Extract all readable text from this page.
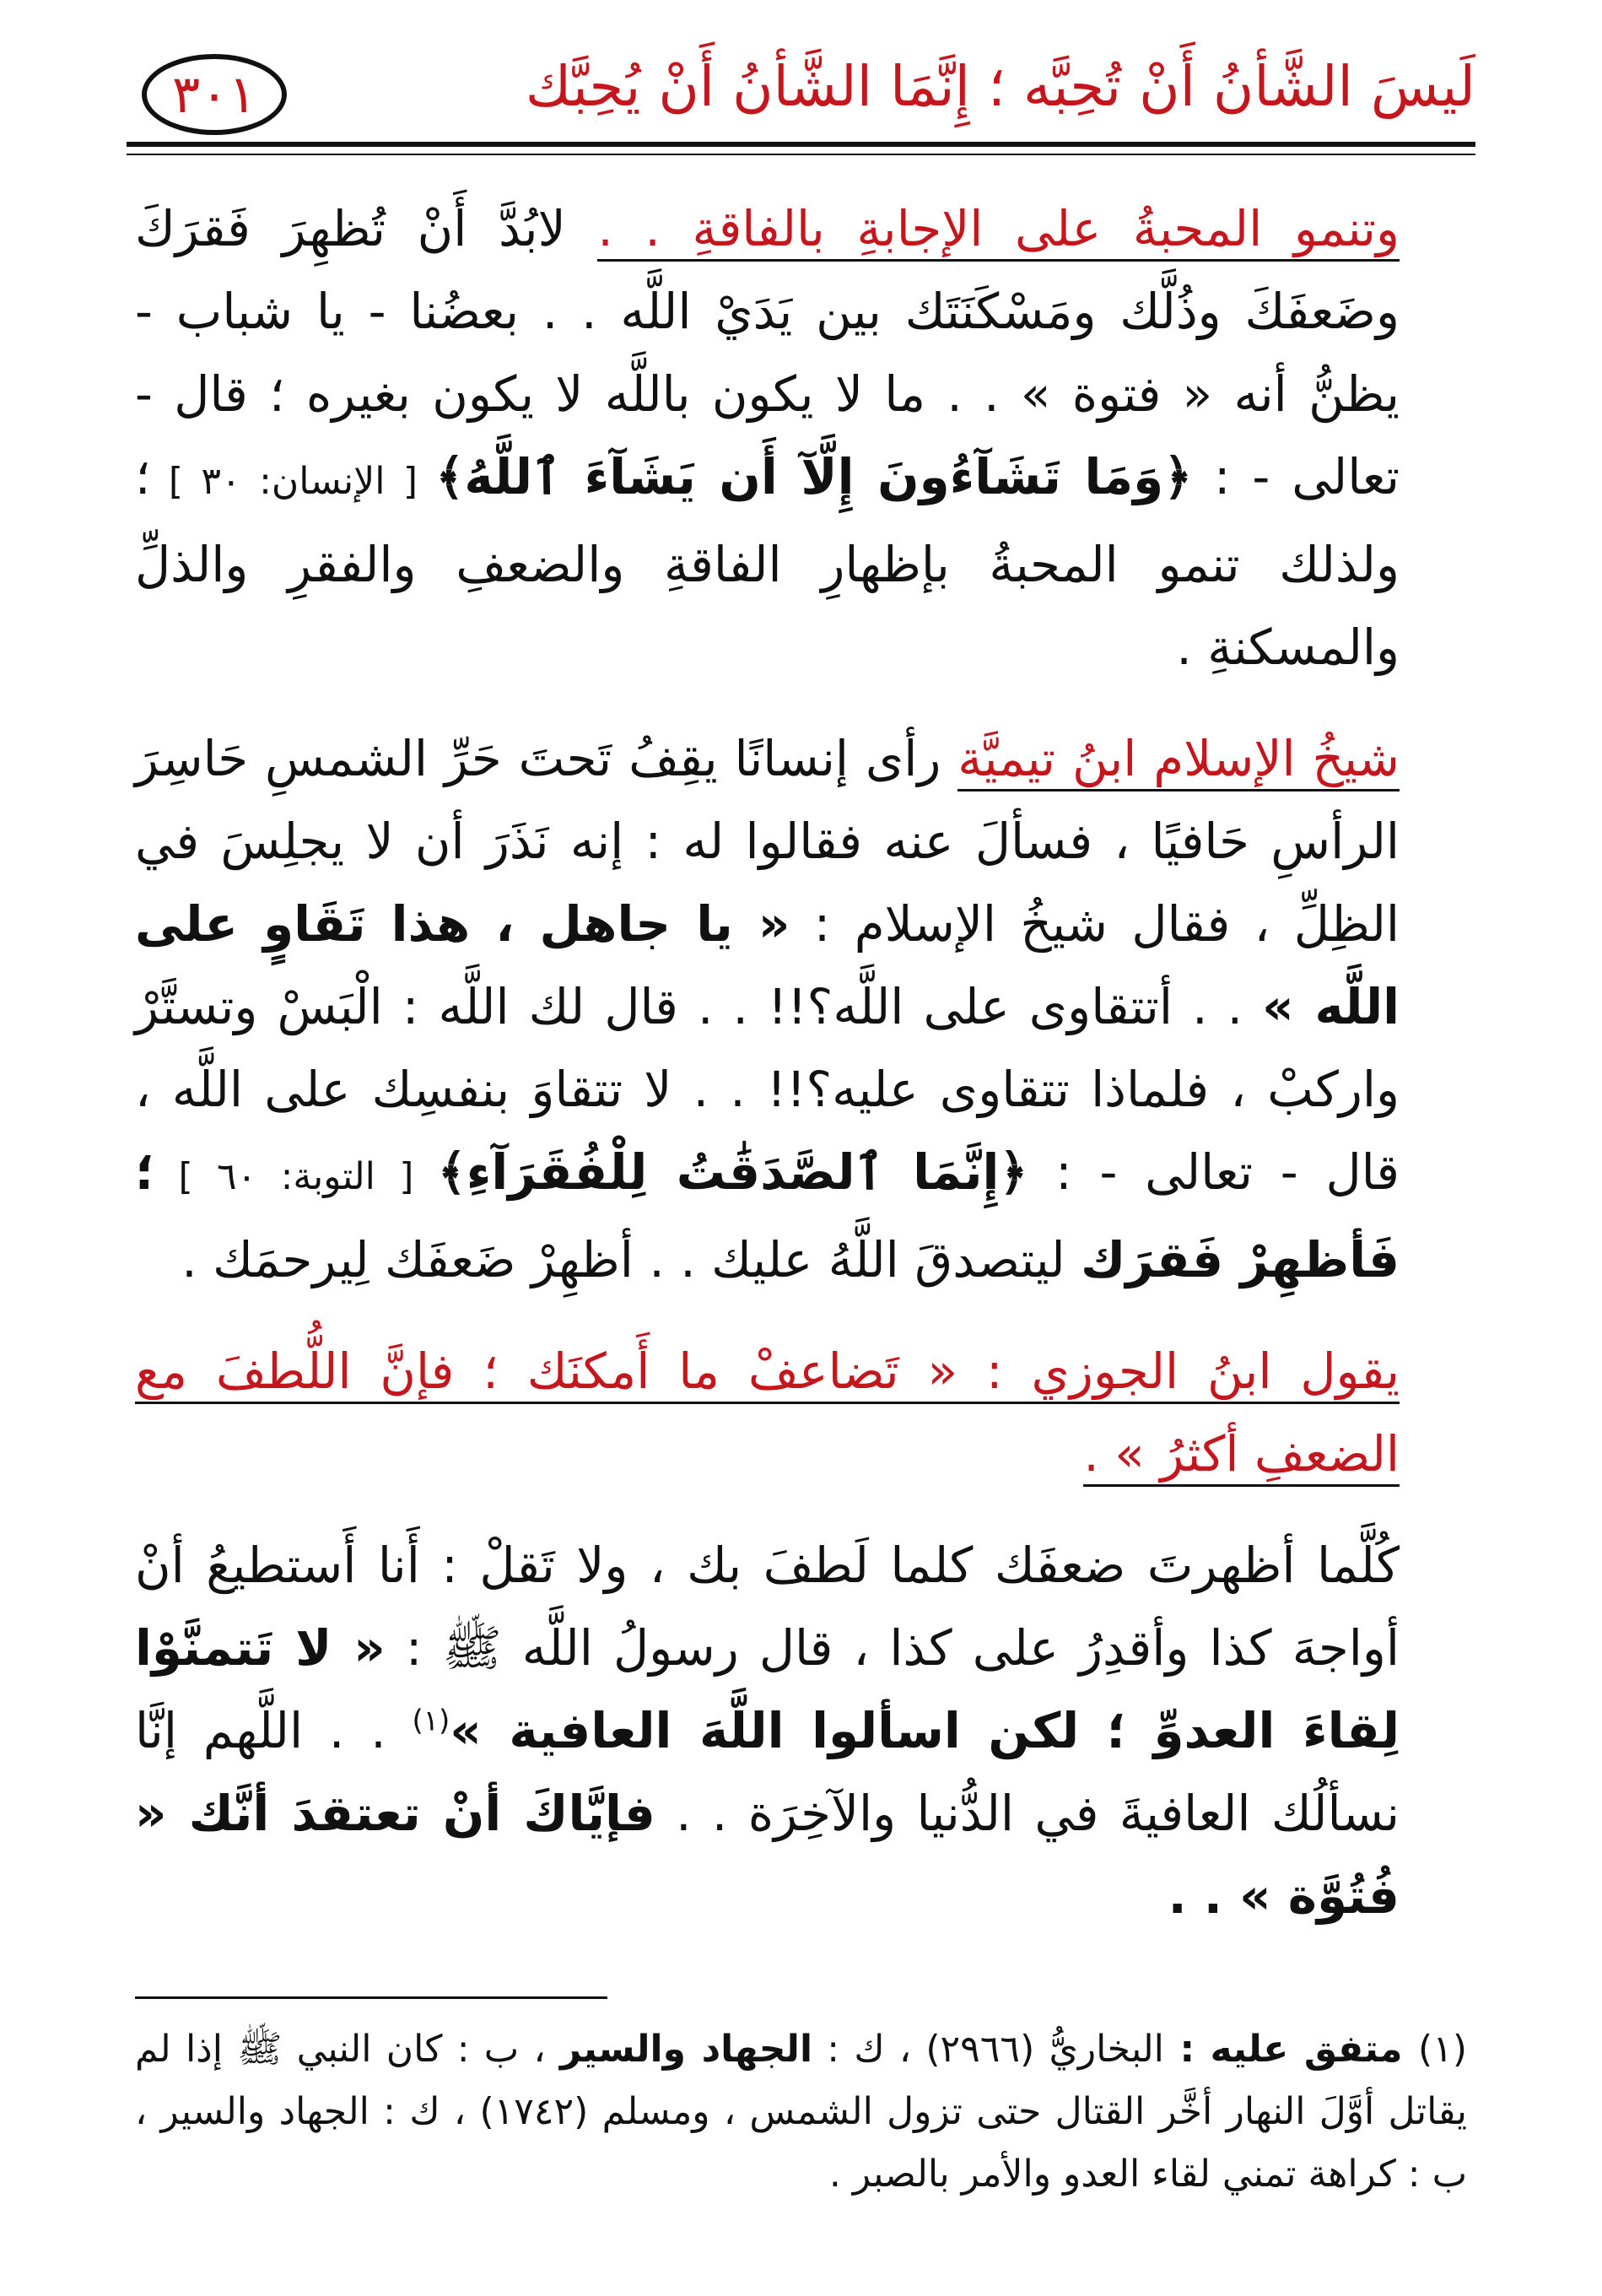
لَيسَ الشَّأنُ أَنْ تُحِبَّه ؛ إِنَّمَا الشَّأنُ أَنْ يُحِبَّك
٣٠١

وتنمو المحبةُ على الإجابةِ بالفاقةِ . . لابُدَّ أَنْ تُظهِرَ فَقرَكَ وضَعفَكَ وذُلَّك ومَسْكَنَتَك بين يَدَيْ اللَّه . . بعضُنا - يا شباب - يظنُّ أنه « فتوة » . . ما لا يكون باللَّه لا يكون بغيره ؛ قال - تعالى - : ﴿وَمَا تَشَآءُونَ إِلَّآ أَن يَشَآءَ ٱللَّهُ﴾ [ الإنسان: ٣٠ ] ؛ ولذلك تنمو المحبةُ بإظهارِ الفاقةِ والضعفِ والفقرِ والذلِّ والمسكنةِ .

شيخُ الإسلام ابنُ تيميَّة رأى إنسانًا يقِفُ تَحتَ حَرِّ الشمسِ حَاسِرَ الرأسِ حَافيًا ، فسألَ عنه فقالوا له : إنه نَذَرَ أن لا يجلِسَ في الظِلِّ ، فقال شيخُ الإسلام : « يا جاهل ، هذا تَقَاوٍ على اللَّه » . . أتتقاوى على اللَّه؟!! . . قال لك اللَّه : الْبَسْ وتستَّرْ واركبْ ، فلماذا تتقاوى عليه؟!! . . لا تتقاوَ بنفسِك على اللَّه ، قال - تعالى - : ﴿إِنَّمَا ٱلصَّدَقَٰتُ لِلْفُقَرَآءِ﴾ [ التوبة: ٦٠ ] ؛ فَأظهِرْ فَقرَك ليتصدقَ اللَّهُ عليك . . أظهِرْ ضَعفَك لِيرحمَك .

يقول ابنُ الجوزي : « تَضاعفْ ما أَمكنَك ؛ فإنَّ اللُّطفَ مع الضعفِ أكثرُ » .

كُلَّما أظهرتَ ضعفَك كلما لَطفَ بك ، ولا تَقلْ : أَنا أَستطيعُ أنْ أواجهَ كذا وأقدِرُ على كذا ، قال رسولُ اللَّه ﷺ : « لا تَتمنَّوْا لِقاءَ العدوِّ ؛ لكن اسألوا اللَّهَ العافية »$^{(١)}$ . . اللَّهم إنَّا نسألُك العافيةَ في الدُّنيا والآخِرَة . . فإيَّاكَ أنْ تعتقدَ أنَّك « فُتُوَّة » . .

(١) متفق عليه : البخاريُّ (٢٩٦٦) ، ك : الجهاد والسير ، ب : كان النبي ﷺ إذا لم يقاتل أوَّلَ النهار أخَّر القتال حتى تزول الشمس ، ومسلم (١٧٤٢) ، ك : الجهاد والسير ، ب : كراهة تمني لقاء العدو والأمر بالصبر .
